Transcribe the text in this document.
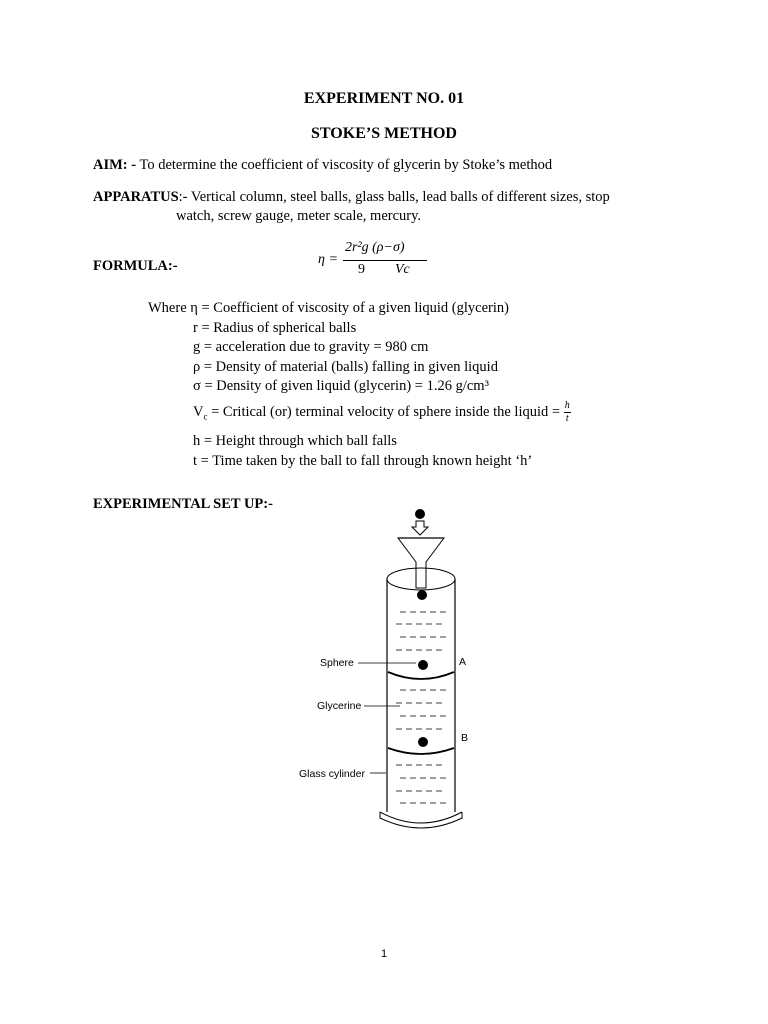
EXPERIMENT NO. 01
STOKE’S METHOD
AIM: - To determine the coefficient of viscosity of glycerin by Stoke’s method
APPARATUS:- Vertical column, steel balls, glass balls, lead balls of different sizes, stop
watch, screw gauge, meter scale, mercury.
FORMULA:-	η =
2r²g (ρ−σ)
9 Vc
Where η = Coefficient of viscosity of a given liquid (glycerin)
r = Radius of spherical balls
g = acceleration due to gravity = 980 cm
ρ = Density of material (balls) falling in given liquid
σ = Density of given liquid (glycerin) = 1.26 g/cm³
$V_c$ = Critical (or) terminal velocity of sphere inside the liquid = $\frac{h}{t}$
h = Height through which ball falls
t = Time taken by the ball to fall through known height ‘h’
EXPERIMENTAL SET UP:-
Sphere
Glycerine
Glass cylinder
A
B
1
